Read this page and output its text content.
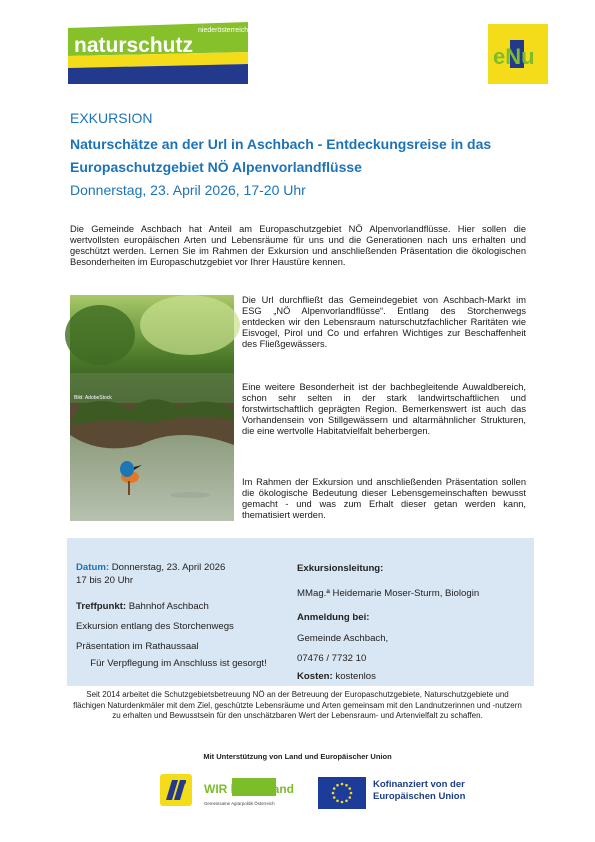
niederösterreich
naturschutz	eNu
EXKURSION
Naturschätze an der Url in Aschbach - Entdeckungsreise in das
Europaschutzgebiet NÖ Alpenvorlandflüsse
Donnerstag, 23. April 2026, 17-20 Uhr
Die Gemeinde Aschbach hat Anteil am Europaschutzgebiet NÖ Alpenvorlandflüsse. Hier sollen die wertvollsten europäischen Arten und Lebensräume für uns und die Generationen nach uns erhalten und geschützt werden. Lernen Sie im Rahmen der Exkursion und anschließenden Präsentation die ökologischen Besonderheiten im Europaschutzgebiet vor Ihrer Haustüre kennen.
Bild: AdobeStock
Die Url durchfließt das Gemeindegebiet von Aschbach-Markt im ESG „NÖ Alpenvorlandflüsse“. Entlang des Storchenwegs entdecken wir den Lebensraum naturschutzfachlicher Raritäten wie Eisvogel, Pirol und Co und erfahren Wichtiges zur Beschaffenheit des Fließgewässers.
Eine weitere Besonderheit ist der bachbegleitende Auwaldbereich, schon sehr selten in der stark landwirtschaftlichen und forstwirtschaftlich geprägten Region. Bemerkenswert ist auch das Vorhandensein von Stillgewässern und altarmähnlicher Strukturen, die eine wertvolle Habitatvielfalt beherbergen.
Im Rahmen der Exkursion und anschließenden Präsentation sollen die ökologische Bedeutung dieser Lebensgemeinschaften bewusst gemacht - und was zum Erhalt dieser getan werden kann, thematisiert werden.
Datum: Donnerstag, 23. April 2026
17 bis 20 Uhr
Treffpunkt: Bahnhof Aschbach
Exkursion entlang des Storchenwegs
Präsentation im Rathaussaal
Für Verpflegung im Anschluss ist gesorgt!
Exkursionsleitung:
MMag.ª Heidemarie Moser-Sturm, Biologin
Anmeldung bei:
Gemeinde Aschbach,
07476 / 7732 10
Kosten: kostenlos
Seit 2014 arbeitet die Schutzgebietsbetreuung NÖ an der Betreuung der Europaschutzgebiete, Naturschutzgebiete und flächigen Naturdenkmäler mit dem Ziel, geschützte Lebensräume und Arten gemeinsam mit den Landnutzerinnen und -nutzern zu erhalten und Bewusstsein für den unschätzbaren Wert der Lebensraum- und Artenvielfalt zu schaffen.
Mit Unterstützung von Land und Europäischer Union
WIR leben Land
Gemeinsame Agrarpolitik Österreich
Kofinanziert von der
Europäischen Union
